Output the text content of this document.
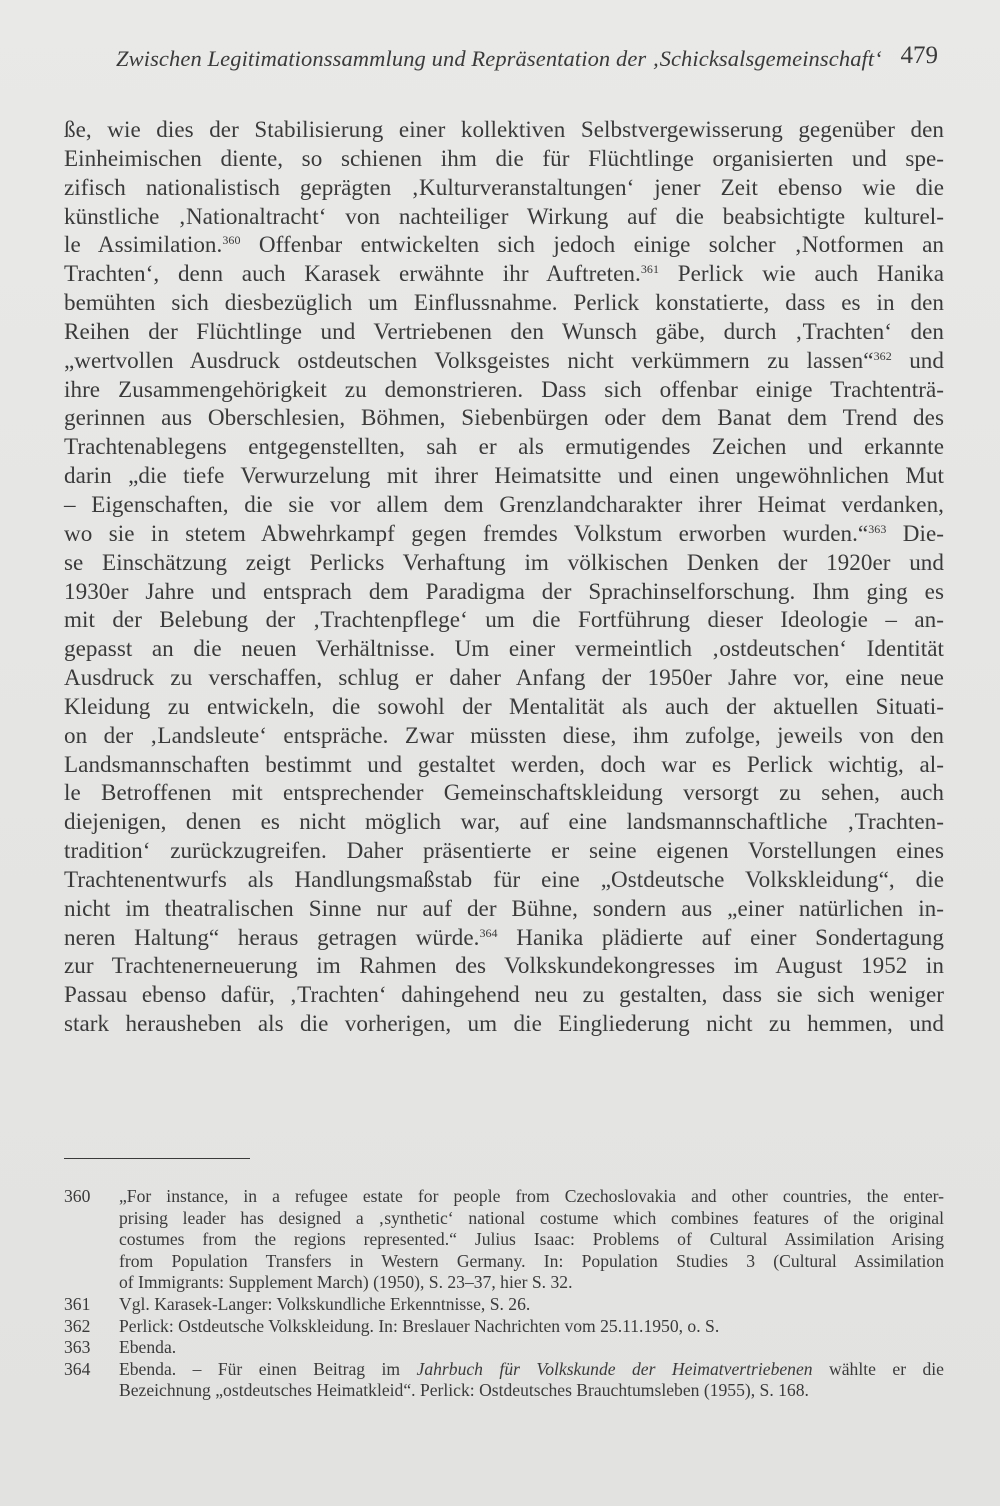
Zwischen Legitimationssammlung und Repräsentation der ‚Schicksalsgemeinschaft‘ 479
ße, wie dies der Stabilisierung einer kollektiven Selbstvergewisserung gegenüber den
Einheimischen diente, so schienen ihm die für Flüchtlinge organisierten und spe-
zifisch nationalistisch geprägten ‚Kulturveranstaltungen‘ jener Zeit ebenso wie die
künstliche ‚Nationaltracht‘ von nachteiliger Wirkung auf die beabsichtigte kulturel-
le Assimilation.$^{360}$ Offenbar entwickelten sich jedoch einige solcher ‚Notformen an
Trachten‘, denn auch Karasek erwähnte ihr Auftreten.$^{361}$ Perlick wie auch Hanika
bemühten sich diesbezüglich um Einflussnahme. Perlick konstatierte, dass es in den
Reihen der Flüchtlinge und Vertriebenen den Wunsch gäbe, durch ‚Trachten‘ den
„wertvollen Ausdruck ostdeutschen Volksgeistes nicht verkümmern zu lassen“$^{362}$ und
ihre Zusammengehörigkeit zu demonstrieren. Dass sich offenbar einige Trachtenträ-
gerinnen aus Oberschlesien, Böhmen, Siebenbürgen oder dem Banat dem Trend des
Trachtenablegens entgegenstellten, sah er als ermutigendes Zeichen und erkannte
darin „die tiefe Verwurzelung mit ihrer Heimatsitte und einen ungewöhnlichen Mut
– Eigenschaften, die sie vor allem dem Grenzlandcharakter ihrer Heimat verdanken,
wo sie in stetem Abwehrkampf gegen fremdes Volkstum erworben wurden.“$^{363}$ Die-
se Einschätzung zeigt Perlicks Verhaftung im völkischen Denken der 1920er und
1930er Jahre und entsprach dem Paradigma der Sprachinselforschung. Ihm ging es
mit der Belebung der ‚Trachtenpflege‘ um die Fortführung dieser Ideologie – an-
gepasst an die neuen Verhältnisse. Um einer vermeintlich ‚ostdeutschen‘ Identität
Ausdruck zu verschaffen, schlug er daher Anfang der 1950er Jahre vor, eine neue
Kleidung zu entwickeln, die sowohl der Mentalität als auch der aktuellen Situati-
on der ‚Landsleute‘ entspräche. Zwar müssten diese, ihm zufolge, jeweils von den
Landsmannschaften bestimmt und gestaltet werden, doch war es Perlick wichtig, al-
le Betroffenen mit entsprechender Gemeinschaftskleidung versorgt zu sehen, auch
diejenigen, denen es nicht möglich war, auf eine landsmannschaftliche ‚Trachten-
tradition‘ zurückzugreifen. Daher präsentierte er seine eigenen Vorstellungen eines
Trachtenentwurfs als Handlungsmaßstab für eine „Ostdeutsche Volkskleidung“, die
nicht im theatralischen Sinne nur auf der Bühne, sondern aus „einer natürlichen in-
neren Haltung“ heraus getragen würde.$^{364}$ Hanika plädierte auf einer Sondertagung
zur Trachtenerneuerung im Rahmen des Volkskundekongresses im August 1952 in
Passau ebenso dafür, ‚Trachten‘ dahingehend neu zu gestalten, dass sie sich weniger
stark herausheben als die vorherigen, um die Eingliederung nicht zu hemmen, und
360 „For instance, in a refugee estate for people from Czechoslovakia and other countries, the enter-
prising leader has designed a ‚synthetic‘ national costume which combines features of the original
costumes from the regions represented.“ Julius Isaac: Problems of Cultural Assimilation Arising
from Population Transfers in Western Germany. In: Population Studies 3 (Cultural Assimilation
of Immigrants: Supplement March) (1950), S. 23–37, hier S. 32.
361 Vgl. Karasek-Langer: Volkskundliche Erkenntnisse, S. 26.
362 Perlick: Ostdeutsche Volkskleidung. In: Breslauer Nachrichten vom 25.11.1950, o. S.
363 Ebenda.
364 Ebenda. – Für einen Beitrag im Jahrbuch für Volkskunde der Heimatvertriebenen wählte er die
Bezeichnung „ostdeutsches Heimatkleid“. Perlick: Ostdeutsches Brauchtumsleben (1955), S. 168.
